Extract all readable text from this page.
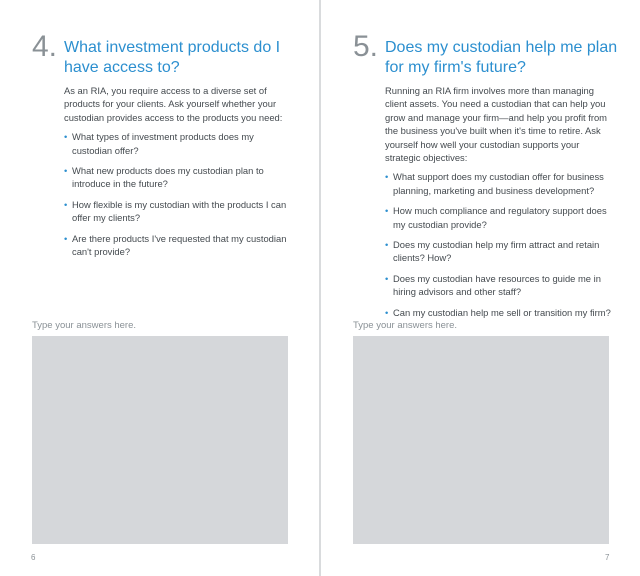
4. What investment products do I have access to?

As an RIA, you require access to a diverse set of products for your clients. Ask yourself whether your custodian provides access to the products you need:

• What types of investment products does my custodian offer?
• What new products does my custodian plan to introduce in the future?
• How flexible is my custodian with the products I can offer my clients?
• Are there products I've requested that my custodian can't provide?
Type your answers here.
6
5. Does my custodian help me plan for my firm's future?

Running an RIA firm involves more than managing client assets. You need a custodian that can help you grow and manage your firm—and help you profit from the business you've built when it's time to retire. Ask yourself how well your custodian supports your strategic objectives:

• What support does my custodian offer for business planning, marketing and business development?
• How much compliance and regulatory support does my custodian provide?
• Does my custodian help my firm attract and retain clients? How?
• Does my custodian have resources to guide me in hiring advisors and other staff?
• Can my custodian help me sell or transition my firm?
Type your answers here.
7
